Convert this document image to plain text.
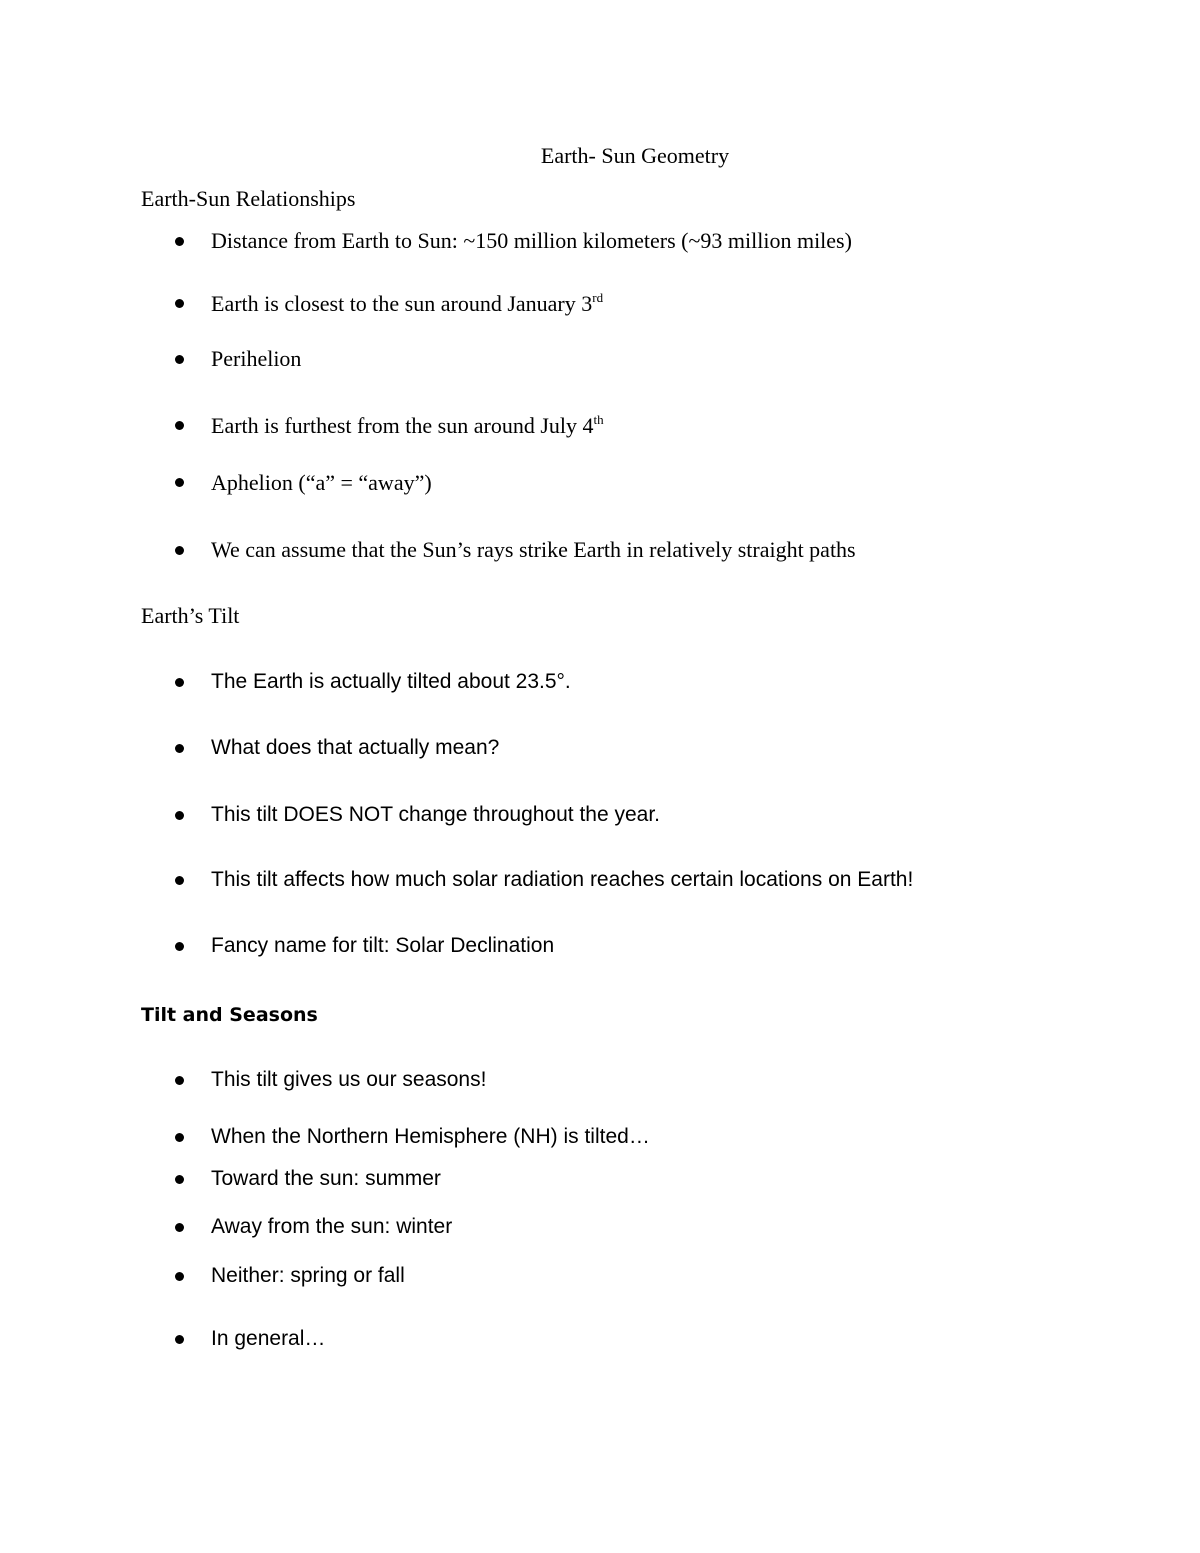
Earth- Sun Geometry
Earth-Sun Relationships
Distance from Earth to Sun: ~150 million kilometers (~93 million miles)
Earth is closest to the sun around January 3rd
Perihelion
Earth is furthest from the sun around July 4th
Aphelion (“a” = “away”)
We can assume that the Sun’s rays strike Earth in relatively straight paths
Earth’s Tilt
The Earth is actually tilted about 23.5°.
What does that actually mean?
This tilt DOES NOT change throughout the year.
This tilt affects how much solar radiation reaches certain locations on Earth!
Fancy name for tilt: Solar Declination
Tilt and Seasons
This tilt gives us our seasons!
When the Northern Hemisphere (NH) is tilted…
Toward the sun: summer
Away from the sun: winter
Neither: spring or fall
In general…
